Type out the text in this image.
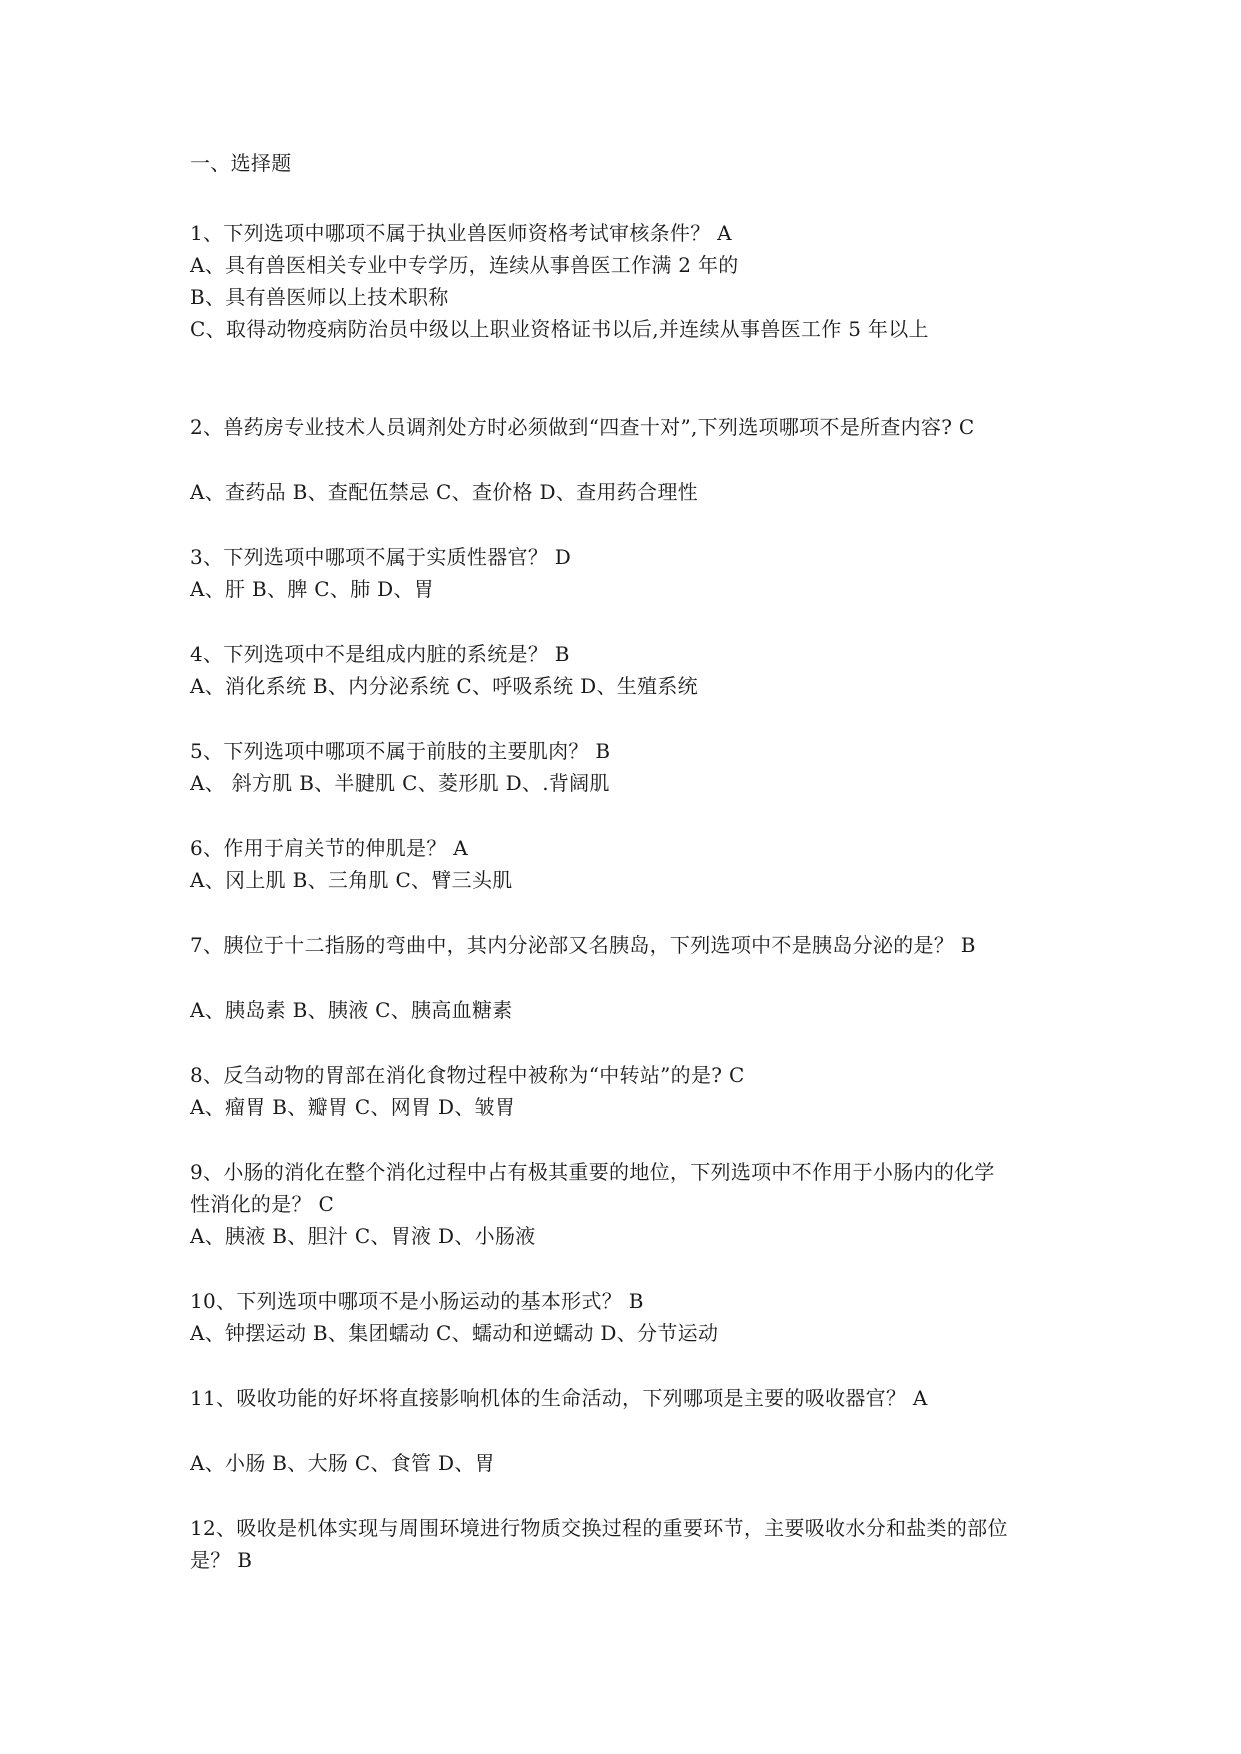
一、选择题
1、下列选项中哪项不属于执业兽医师资格考试审核条件？ A
A、具有兽医相关专业中专学历，连续从事兽医工作满 2 年的
B、具有兽医师以上技术职称
C、取得动物疫病防治员中级以上职业资格证书以后,并连续从事兽医工作 5 年以上
2、兽药房专业技术人员调剂处方时必须做到“四查十对”,下列选项哪项不是所查内容? C
A、查药品 B、查配伍禁忌 C、查价格 D、查用药合理性
3、下列选项中哪项不属于实质性器官？ D
A、肝 B、脾 C、肺 D、胃
4、下列选项中不是组成内脏的系统是？ B
A、消化系统 B、内分泌系统 C、呼吸系统 D、生殖系统
5、下列选项中哪项不属于前肢的主要肌肉？ B
A、 斜方肌 B、半腱肌 C、菱形肌 D、.背阔肌
6、作用于肩关节的伸肌是？ A
A、冈上肌 B、三角肌 C、臂三头肌
7、胰位于十二指肠的弯曲中，其内分泌部又名胰岛，下列选项中不是胰岛分泌的是？ B
A、胰岛素 B、胰液 C、胰高血糖素
8、反刍动物的胃部在消化食物过程中被称为“中转站”的是? C
A、瘤胃 B、瓣胃 C、网胃 D、皱胃
9、小肠的消化在整个消化过程中占有极其重要的地位，下列选项中不作用于小肠内的化学
性消化的是？ C
A、胰液 B、胆汁 C、胃液 D、小肠液
10、下列选项中哪项不是小肠运动的基本形式？ B
A、钟摆运动 B、集团蠕动 C、蠕动和逆蠕动 D、分节运动
11、吸收功能的好坏将直接影响机体的生命活动，下列哪项是主要的吸收器官？ A
A、小肠 B、大肠 C、食管 D、胃
12、吸收是机体实现与周围环境进行物质交换过程的重要环节，主要吸收水分和盐类的部位
是？ B
